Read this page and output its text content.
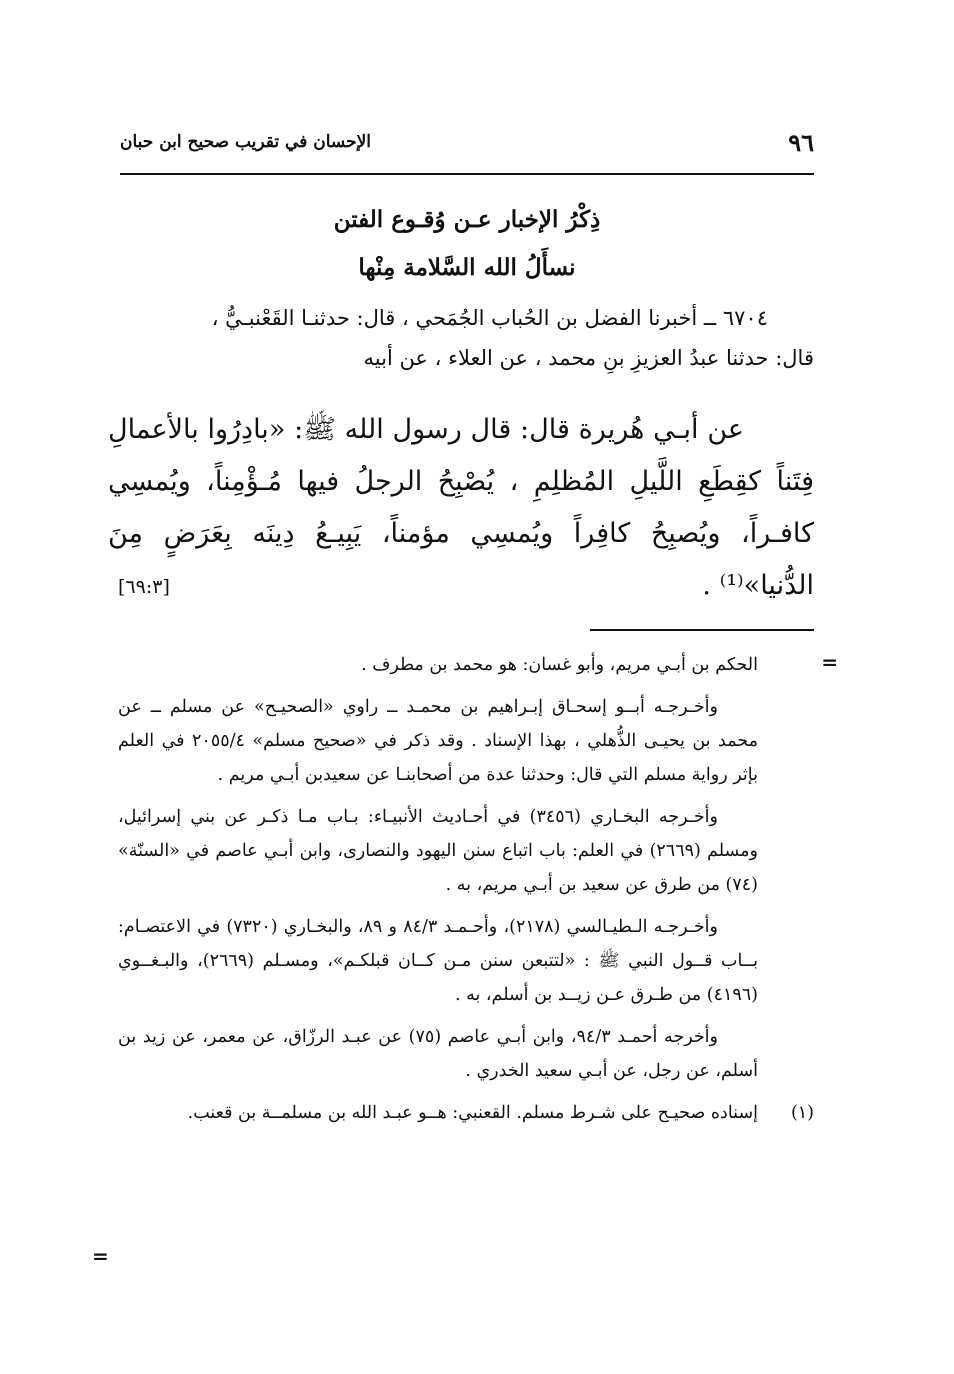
الإحسان في تقريب صحيح ابن حبان	٩٦
ذِكْرُ الإخبار عـن وُقـوع الفتن
نسأَلُ الله السَّلامة مِنْها
٦٧٠٤ ــ أخبرنا الفضل بن الحُباب الجُمَحي ، قال: حدثنـا القَعْنبـيُّ ،
قال: حدثنا عبدُ العزيزِ بنِ محمد ، عن العلاء ، عن أبيه

عن أبـي هُريرة قال: قال رسول الله ﷺ: «بادِرُوا بالأعمالِ فِتَناً كقِطَعِ اللَّيلِ المُظلِمِ ، يُصْبِحُ الرجلُ فيها مُـؤْمِناً، ويُمسِي كافـراً، ويُصبِحُ كافِراً ويُمسِي مؤمناً، يَبِيـعُ دِينَه بِعَرَضٍ مِنَ الدُّنيا»⁽¹⁾ .

[٦٩:٣]
=

الحكم بن أبـي مريم، وأبو غسان: هو محمد بن مطرف .

وأخـرجـه أبــو إسحـاق إبـراهيم بن محمـد ــ راوي «الصحيـح» عن مسلم ــ عن محمد بن يحيـى الذُّهلي ، بهذا الإسناد . وقد ذكر في «صحيح مسلم» ٢٠٥٥/٤ في العلم بإثر رواية مسلم التي قال: وحدثنا عدة من أصحابنـا عن سعيدبن أبـي مريم .

وأخـرجه البخـاري (٣٤٥٦) في أحـاديث الأنبيـاء: بـاب مـا ذكـر عن بني إسرائيل، ومسلم (٢٦٦٩) في العلم: باب اتباع سنن اليهود والنصارى، وابن أبـي عاصم في «السنّة» (٧٤) من طرق عن سعيد بن أبـي مريم، به .

وأخـرجـه الـطيـالسي (٢١٧٨)، وأحـمـد ٨٤/٣ و ٨٩، والبخـاري (٧٣٢٠) في الاعتصـام: بــاب قــول النبي ﷺ : «لتتبعن سنن مـن كــان قبلكـم»، ومسـلم (٢٦٦٩)، والبـغــوي (٤١٩٦) من طـرق عـن زيــد بن أسلم، به .

وأخرجه أحمـد ٩٤/٣، وابن أبـي عاصم (٧٥) عن عبـد الرزّاق، عن معمر، عن زيد بن أسلم، عن رجل، عن أبـي سعيد الخدري .

(١)
إسناده صحيـح على شـرط مسلم. القعنبي: هــو عبـد الله بن مسلمــة بن قعنب.
=
